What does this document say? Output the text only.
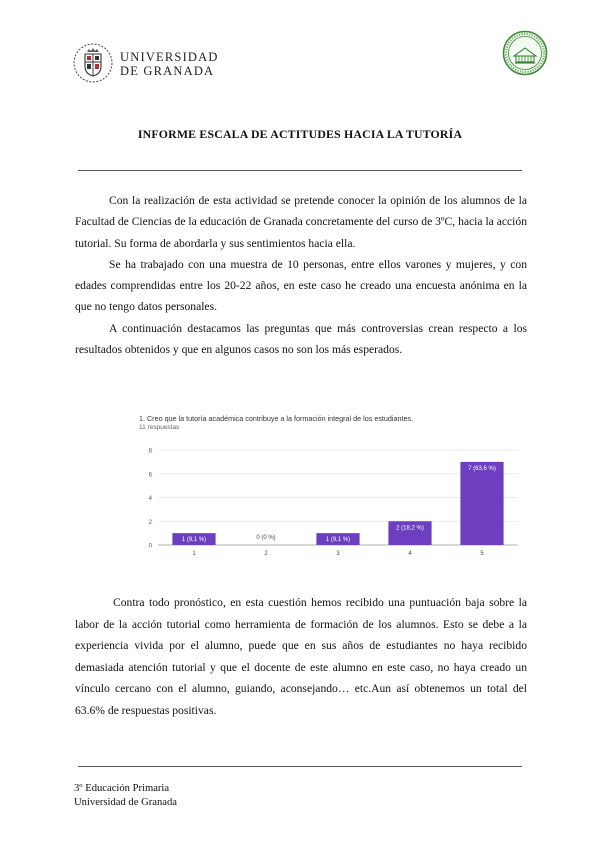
UNIVERSIDAD
DE GRANADA
INFORME ESCALA DE ACTITUDES HACIA LA TUTORÍA

Con la realización de esta actividad se pretende conocer la opinión de los alumnos de la Facultad de Ciencias de la educación de Granada concretamente del curso de 3ºC, hacia la acción tutorial. Su forma de abordarla y sus sentimientos hacia ella.

Se ha trabajado con una muestra de 10 personas, entre ellos varones y mujeres, y con edades comprendidas entre los 20-22 años, en este caso he creado una encuesta anónima en la que no tengo datos personales.

A continuación destacamos las preguntas que más controversias crean respecto a los resultados obtenidos y que en algunos casos no son los más esperados.

1. Creo que la tutoría académica contribuye a la formación integral de los estudiantes.
11 respuestas
0
2
4
6
8
1 (9,1 %)
1
0 (0 %)
2
1 (9,1 %)
3
2 (18,2 %)
4
7 (63,6 %)
5

Contra todo pronóstico, en esta cuestión hemos recibido una puntuación baja sobre la labor de la acción tutorial como herramienta de formación de los alumnos. Esto se debe a la experiencia vivida por el alumno, puede que en sus años de estudiantes no haya recibido demasiada atención tutorial y que el docente de este alumno en este caso, no haya creado un vínculo cercano con el alumno, guiando, aconsejando… etc.Aun así obtenemos un total del 63.6% de respuestas positivas.

3º Educación Primaria
Universidad de Granada
